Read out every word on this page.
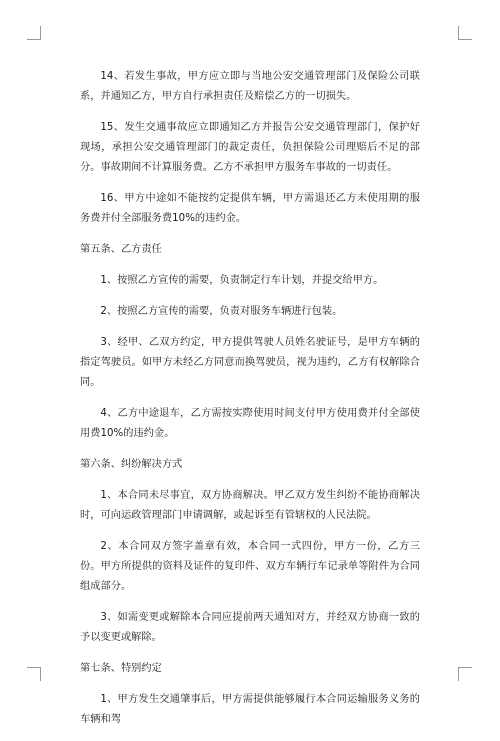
14、若发生事故，甲方应立即与当地公安交通管理部门及保险公司联系，并通知乙方，甲方自行承担责任及赔偿乙方的一切损失。

15、发生交通事故应立即通知乙方并报告公安交通管理部门，保护好现场，承担公安交通管理部门的裁定责任，负担保险公司理赔后不足的部分。事故期间不计算服务费。乙方不承担甲方服务车事故的一切责任。

16、甲方中途如不能按约定提供车辆，甲方需退还乙方未使用期的服务费并付全部服务费10%的违约金。

第五条、乙方责任

1、按照乙方宣传的需要，负责制定行车计划，并提交给甲方。

2、按照乙方宣传的需要，负责对服务车辆进行包装。

3、经甲、乙双方约定，甲方提供驾驶人员姓名驶证号，是甲方车辆的指定驾驶员。如甲方未经乙方同意而换驾驶员，视为违约，乙方有权解除合同。

4、乙方中途退车，乙方需按实際使用时间支付甲方使用费并付全部使用费10%的违约金。

第六条、纠纷解决方式

1、本合同未尽事宜，双方协商解决。甲乙双方发生纠纷不能协商解决时，可向运政管理部门申请调解，或起诉至有管辖权的人民法院。

2、本合同双方签字盖章有效，本合同一式四份，甲方一份，乙方三份。甲方所提供的资料及证件的复印件、双方车辆行车记录单等附件为合同组成部分。

3、如需变更或解除本合同应提前两天通知对方，并经双方协商一致的予以变更或解除。

第七条、特别约定

1、甲方发生交通肇事后，甲方需提供能够履行本合同运输服务义务的车辆和驾
